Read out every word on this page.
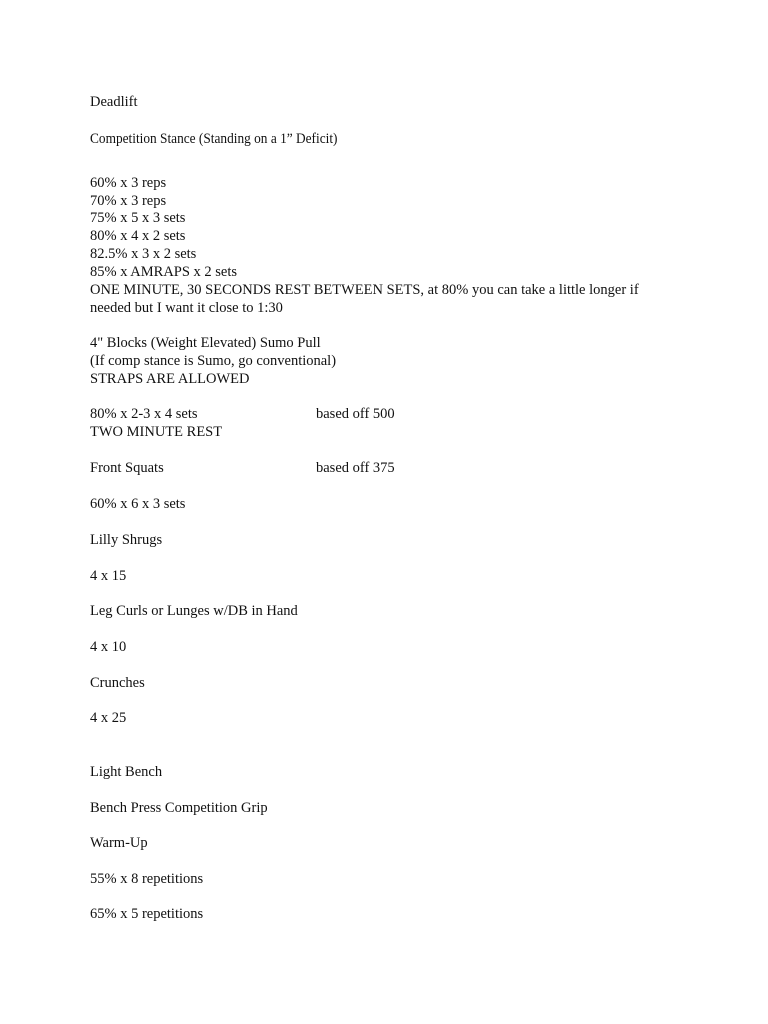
Deadlift
Competition Stance (Standing on a 1” Deficit)
60% x 3 reps
70% x 3 reps
75% x 5 x 3 sets
80% x 4 x 2 sets
82.5% x 3 x 2 sets
85% x AMRAPS x 2 sets
ONE MINUTE, 30 SECONDS REST BETWEEN SETS, at 80% you can take a little longer if
needed but I want it close to 1:30
4" Blocks (Weight Elevated) Sumo Pull
(If comp stance is Sumo, go conventional)
STRAPS ARE ALLOWED
80% x 2-3 x 4 sets	based off 500
TWO MINUTE REST
Front Squats	based off 375
60% x 6 x 3 sets
Lilly Shrugs
4 x 15
Leg Curls or Lunges w/DB in Hand
4 x 10
Crunches
4 x 25
Light Bench
Bench Press Competition Grip
Warm-Up
55% x 8 repetitions
65% x 5 repetitions
